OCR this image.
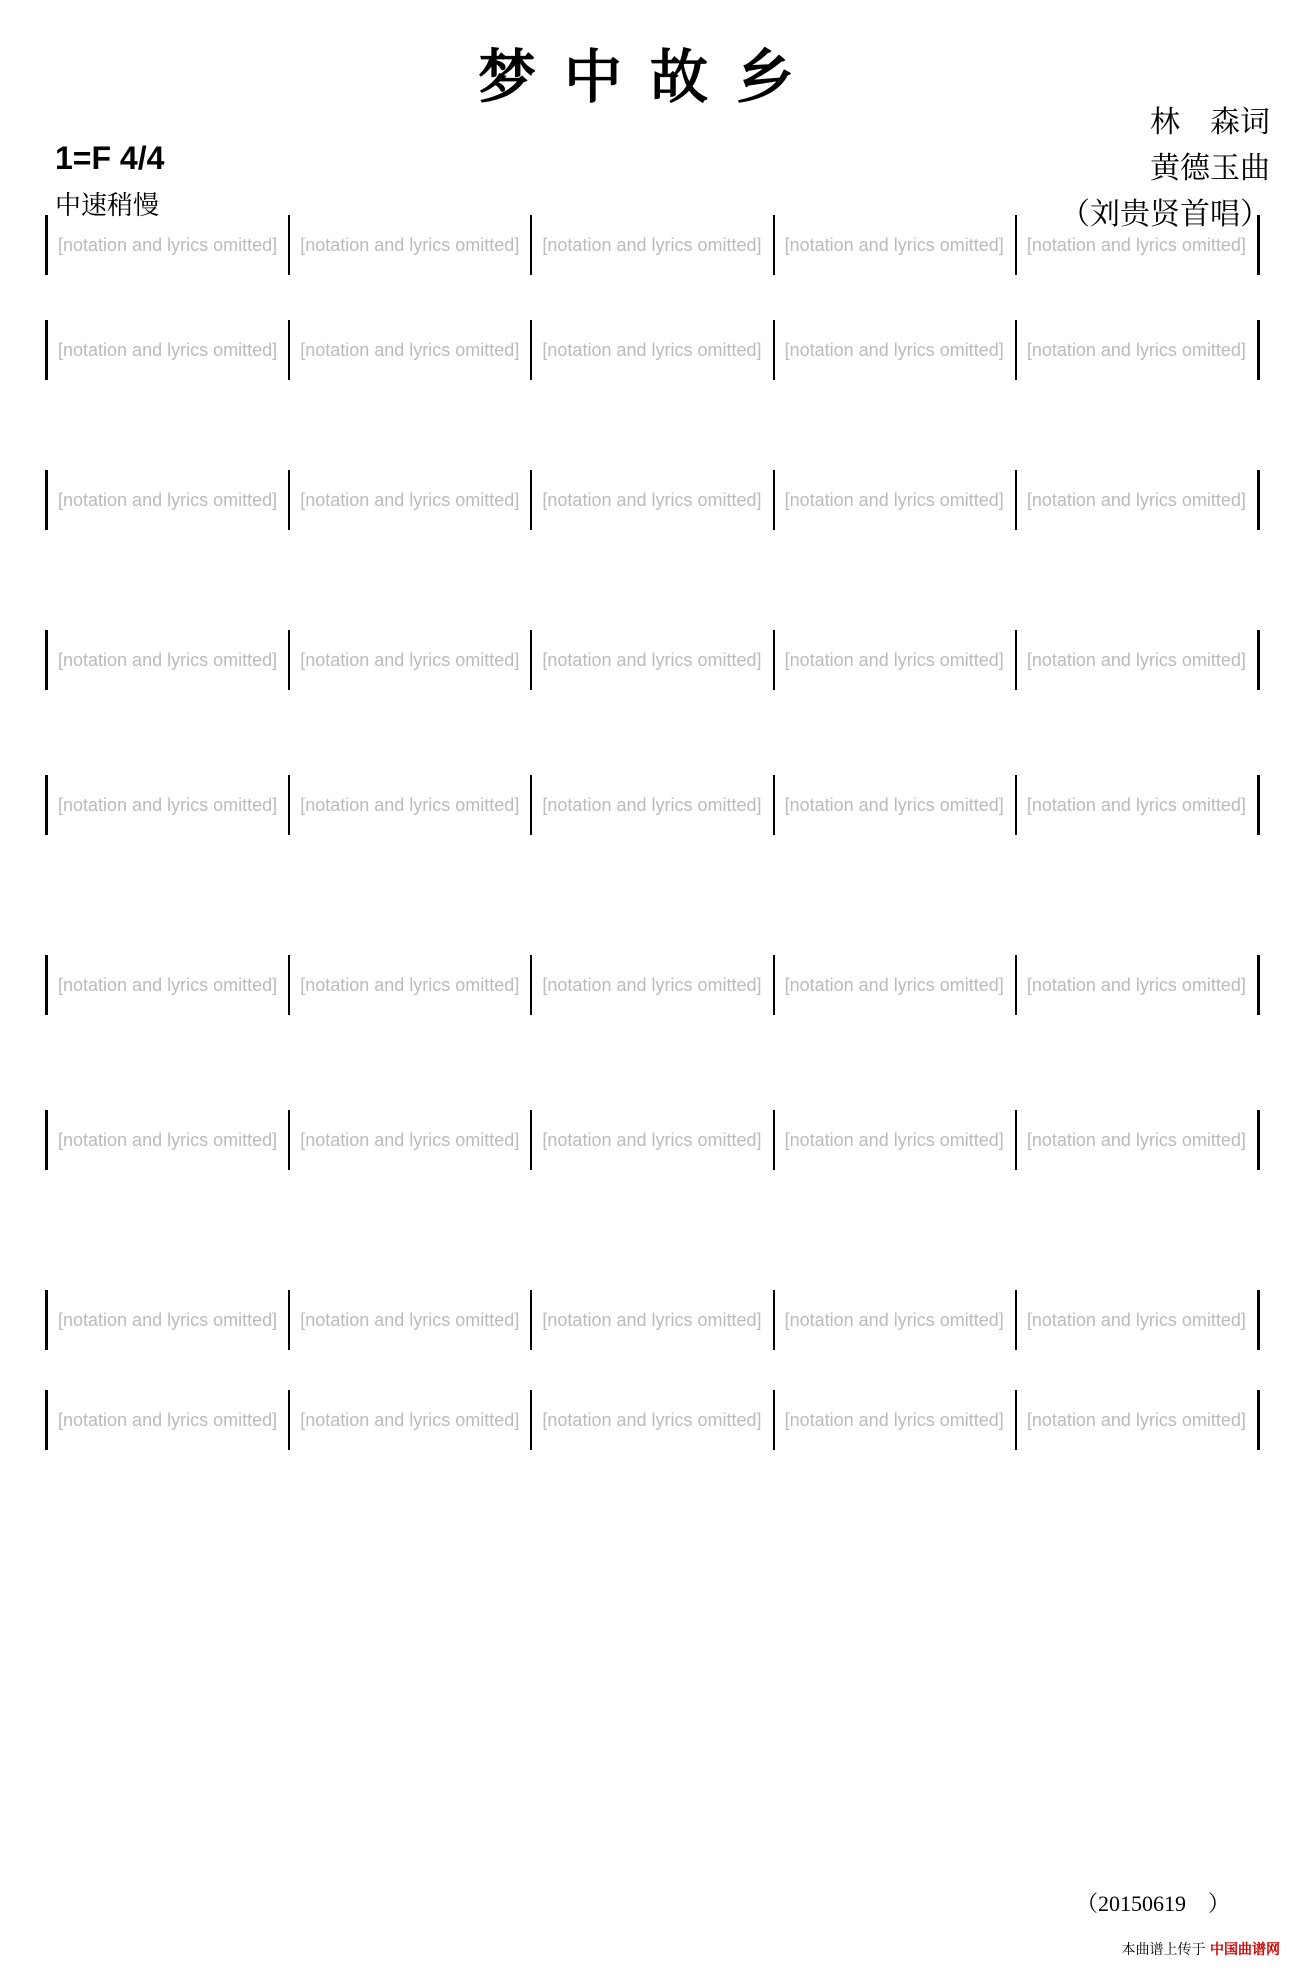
梦中故乡
林　森词
黄德玉曲
（刘贵贤首唱）
1=F 4/4
中速稍慢
[notation and lyrics omitted]	[notation and lyrics omitted]	[notation and lyrics omitted]	[notation and lyrics omitted]	[notation and lyrics omitted]
[notation and lyrics omitted]	[notation and lyrics omitted]	[notation and lyrics omitted]	[notation and lyrics omitted]	[notation and lyrics omitted]
[notation and lyrics omitted]	[notation and lyrics omitted]	[notation and lyrics omitted]	[notation and lyrics omitted]	[notation and lyrics omitted]
[notation and lyrics omitted]	[notation and lyrics omitted]	[notation and lyrics omitted]	[notation and lyrics omitted]	[notation and lyrics omitted]
[notation and lyrics omitted]	[notation and lyrics omitted]	[notation and lyrics omitted]	[notation and lyrics omitted]	[notation and lyrics omitted]
[notation and lyrics omitted]	[notation and lyrics omitted]	[notation and lyrics omitted]	[notation and lyrics omitted]	[notation and lyrics omitted]
[notation and lyrics omitted]	[notation and lyrics omitted]	[notation and lyrics omitted]	[notation and lyrics omitted]	[notation and lyrics omitted]
[notation and lyrics omitted]	[notation and lyrics omitted]	[notation and lyrics omitted]	[notation and lyrics omitted]	[notation and lyrics omitted]
[notation and lyrics omitted]	[notation and lyrics omitted]	[notation and lyrics omitted]	[notation and lyrics omitted]	[notation and lyrics omitted]
（20150619　）
本曲谱上传于 中国曲谱网
